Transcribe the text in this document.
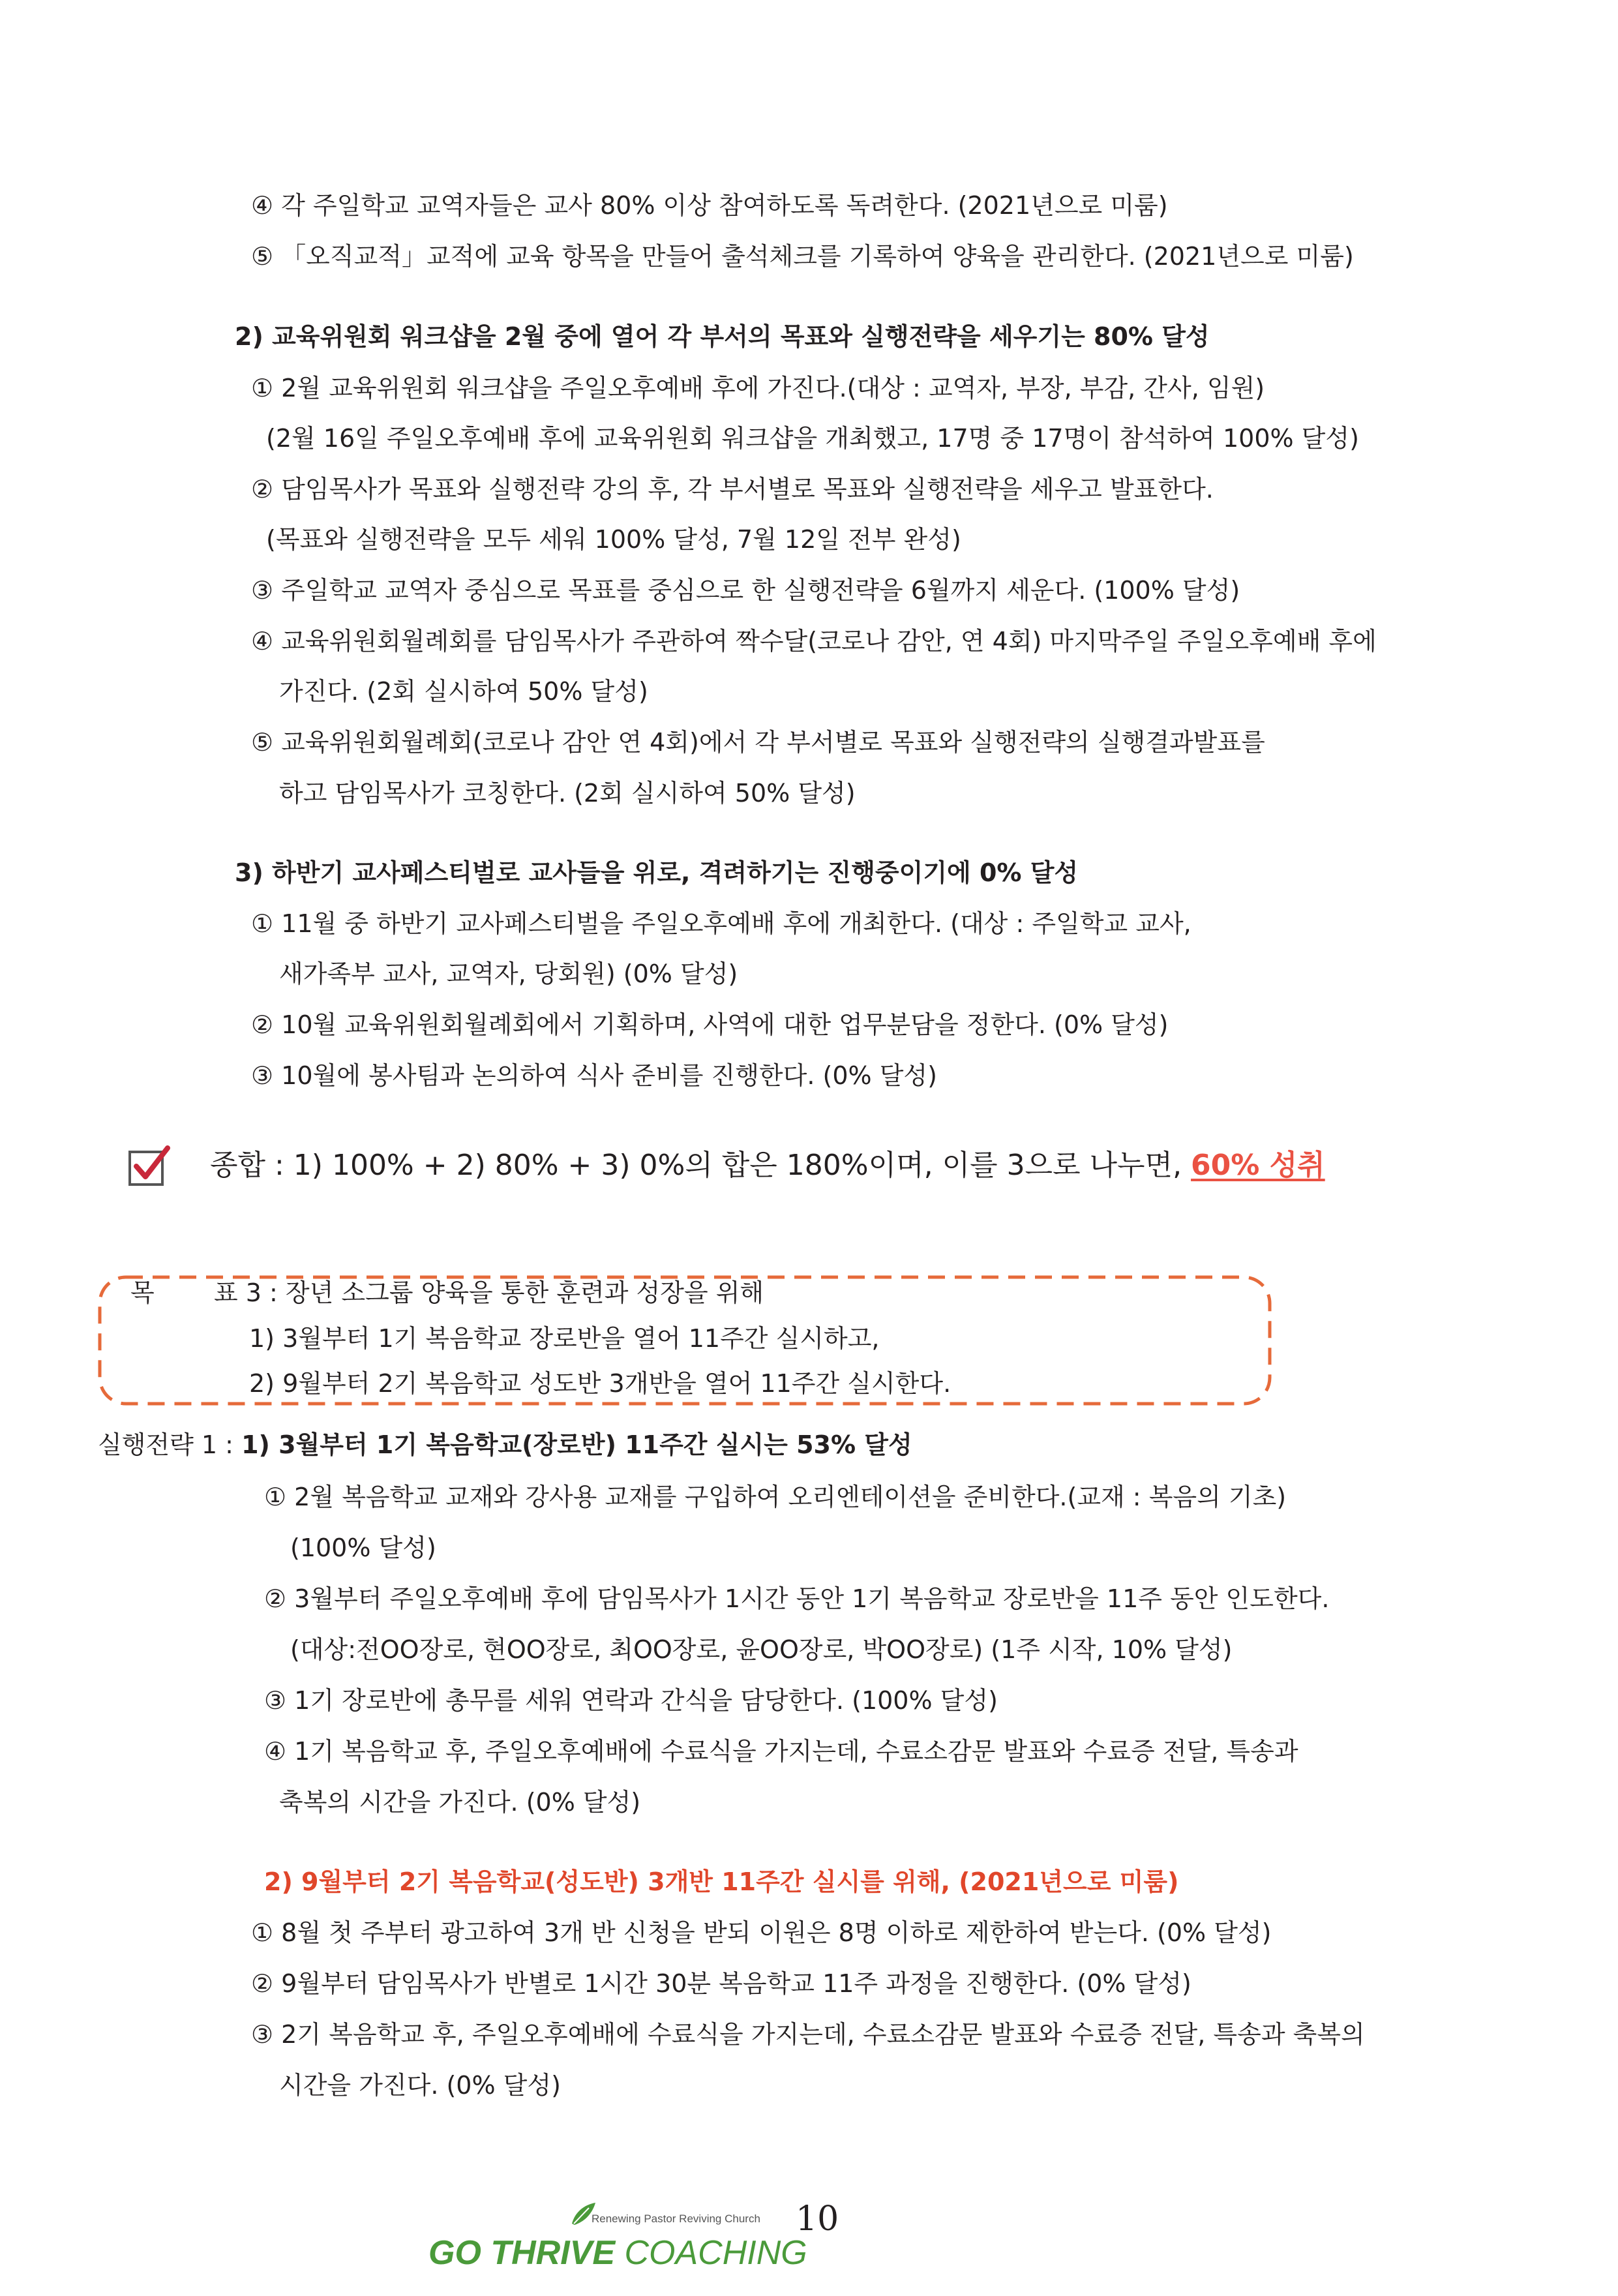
④ 각 주일학교 교역자들은 교사 80% 이상 참여하도록 독려한다. (2021년으로 미룸)
⑤ 「오직교적」교적에 교육 항목을 만들어 출석체크를 기록하여 양육을 관리한다. (2021년으로 미룸)
2) 교육위원회 워크샵을 2월 중에 열어 각 부서의 목표와 실행전략을 세우기는 80% 달성
① 2월 교육위원회 워크샵을 주일오후예배 후에 가진다.(대상 : 교역자, 부장, 부감, 간사, 임원)
(2월 16일 주일오후예배 후에 교육위원회 워크샵을 개최했고, 17명 중 17명이 참석하여 100% 달성)
② 담임목사가 목표와 실행전략 강의 후, 각 부서별로 목표와 실행전략을 세우고 발표한다.
(목표와 실행전략을 모두 세워 100% 달성, 7월 12일 전부 완성)
③ 주일학교 교역자 중심으로 목표를 중심으로 한 실행전략을 6월까지 세운다. (100% 달성)
④ 교육위원회월례회를 담임목사가 주관하여 짝수달(코로나 감안, 연 4회) 마지막주일 주일오후예배 후에
가진다. (2회 실시하여 50% 달성)
⑤ 교육위원회월례회(코로나 감안 연 4회)에서 각 부서별로 목표와 실행전략의 실행결과발표를
하고 담임목사가 코칭한다. (2회 실시하여 50% 달성)
3) 하반기 교사페스티벌로 교사들을 위로, 격려하기는 진행중이기에 0% 달성
① 11월 중 하반기 교사페스티벌을 주일오후예배 후에 개최한다. (대상 : 주일학교 교사,
새가족부 교사, 교역자, 당회원) (0% 달성)
② 10월 교육위원회월례회에서 기획하며, 사역에 대한 업무분담을 정한다. (0% 달성)
③ 10월에 봉사팀과 논의하여 식사 준비를 진행한다. (0% 달성)
종합 : 1) 100% + 2) 80% + 3) 0%의 합은 180%이며, 이를 3으로 나누면, 60% 성취
목 표 3 : 장년 소그룹 양육을 통한 훈련과 성장을 위해
1) 3월부터 1기 복음학교 장로반을 열어 11주간 실시하고,
2) 9월부터 2기 복음학교 성도반 3개반을 열어 11주간 실시한다.
실행전략 1 : 1) 3월부터 1기 복음학교(장로반) 11주간 실시는 53% 달성
① 2월 복음학교 교재와 강사용 교재를 구입하여 오리엔테이션을 준비한다.(교재 : 복음의 기초)
(100% 달성)
② 3월부터 주일오후예배 후에 담임목사가 1시간 동안 1기 복음학교 장로반을 11주 동안 인도한다.
(대상:전OO장로, 현OO장로, 최OO장로, 윤OO장로, 박OO장로) (1주 시작, 10% 달성)
③ 1기 장로반에 총무를 세워 연락과 간식을 담당한다. (100% 달성)
④ 1기 복음학교 후, 주일오후예배에 수료식을 가지는데, 수료소감문 발표와 수료증 전달, 특송과
축복의 시간을 가진다. (0% 달성)
2) 9월부터 2기 복음학교(성도반) 3개반 11주간 실시를 위해, (2021년으로 미룸)
① 8월 첫 주부터 광고하여 3개 반 신청을 받되 이원은 8명 이하로 제한하여 받는다. (0% 달성)
② 9월부터 담임목사가 반별로 1시간 30분 복음학교 11주 과정을 진행한다. (0% 달성)
③ 2기 복음학교 후, 주일오후예배에 수료식을 가지는데, 수료소감문 발표와 수료증 전달, 특송과 축복의
시간을 가진다. (0% 달성)
Renewing Pastor Reviving Church
GO THRIVE COACHING
10
